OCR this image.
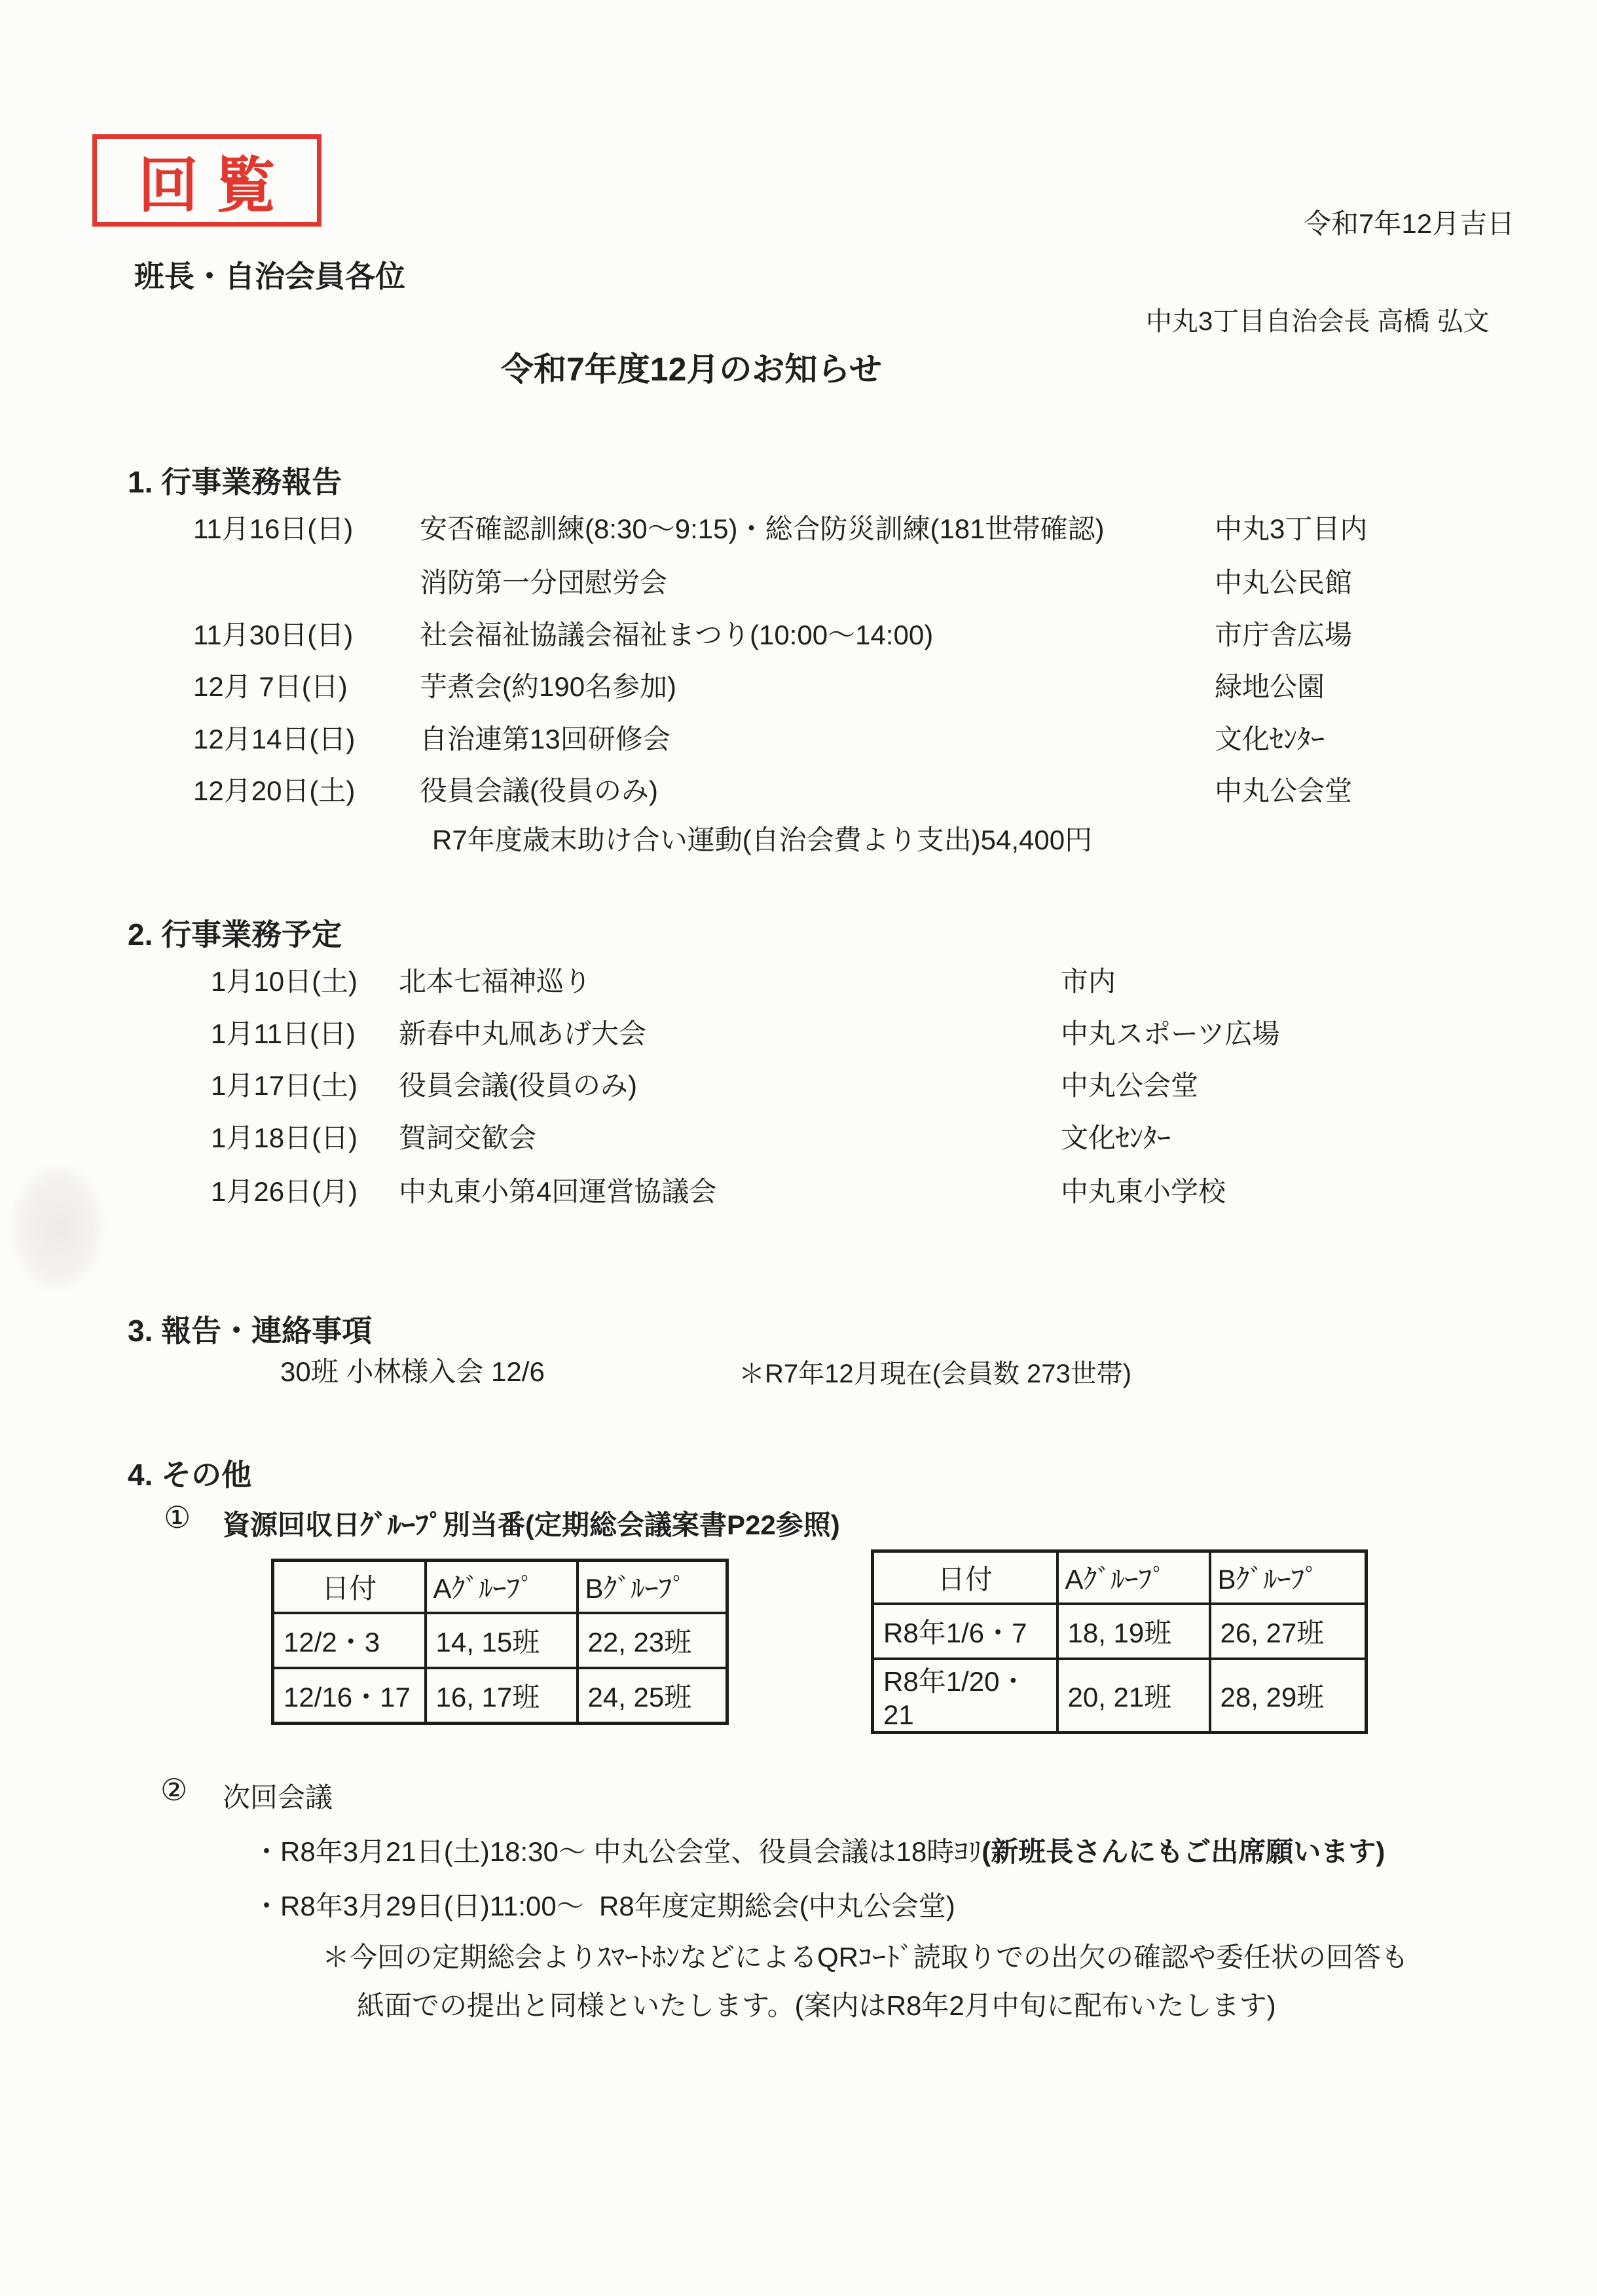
回覧
令和7年12月吉日
班長・自治会員各位
中丸3丁目自治会長 高橋 弘文
令和7年度12月のお知らせ
1. 行事業務報告
11月16日(日) 安否確認訓練(8:30～9:15)・総合防災訓練(181世帯確認)	中丸3丁目内
消防第一分団慰労会	中丸公民館
11月30日(日) 社会福祉協議会福祉まつり(10:00～14:00)	市庁舎広場
12月 7日(日)	芋煮会(約190名参加)	緑地公園
12月14日(日) 自治連第13回研修会	文化ｾﾝﾀｰ
12月20日(土) 役員会議(役員のみ)	中丸公会堂
R7年度歳末助け合い運動(自治会費より支出)54,400円
2. 行事業務予定
1月10日(土) 北本七福神巡り	市内
1月11日(日) 新春中丸凧あげ大会	中丸スポーツ広場
1月17日(土) 役員会議(役員のみ)	中丸公会堂
1月18日(日) 賀詞交歓会	文化ｾﾝﾀｰ
1月26日(月) 中丸東小第4回運営協議会	中丸東小学校
3. 報告・連絡事項
30班 小林様入会 12/6	＊R7年12月現在(会員数 273世帯)
4. その他
① 資源回収日ｸﾞﾙｰﾌﾟ別当番(定期総会議案書P22参照)
日付	Aｸﾞﾙｰﾌﾟ	Bｸﾞﾙｰﾌﾟ
12/2・3	14, 15班	22, 23班
12/16・17	16, 17班	24, 25班
日付	Aｸﾞﾙｰﾌﾟ	Bｸﾞﾙｰﾌﾟ
R8年1/6・7	18, 19班	26, 27班
R8年1/20・21	20, 21班	28, 29班
② 次回会議
・ R8年3月21日(土)18:30～ 中丸公会堂、役員会議は18時ﾖﾘ(新班長さんにもご出席願います)
・ R8年3月29日(日)11:00～  R8年度定期総会(中丸公会堂)
＊今回の定期総会よりｽﾏｰﾄﾎﾝなどによるQRｺｰﾄﾞ読取りでの出欠の確認や委任状の回答も
紙面での提出と同様といたします。(案内はR8年2月中旬に配布いたします)
